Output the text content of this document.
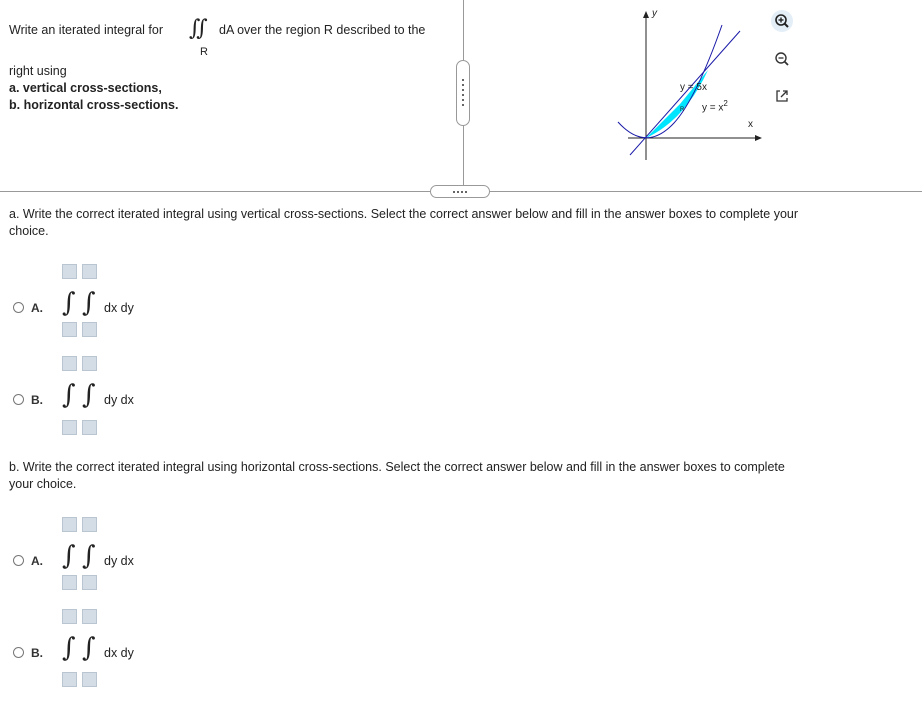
Write an iterated integral for ∬
R
dA over the region R described to the
right using
a. vertical cross-sections,
b. horizontal cross-sections.
y
x
y = 5x
$y = x^2$
R
a. Write the correct iterated integral using vertical cross-sections. Select the correct answer below and fill in the answer boxes to complete your
choice.
A. ∫ ∫ dx dy
B. ∫ ∫ dy dx
b. Write the correct iterated integral using horizontal cross-sections. Select the correct answer below and fill in the answer boxes to complete
your choice.
A. ∫ ∫ dy dx
B. ∫ ∫ dx dy
